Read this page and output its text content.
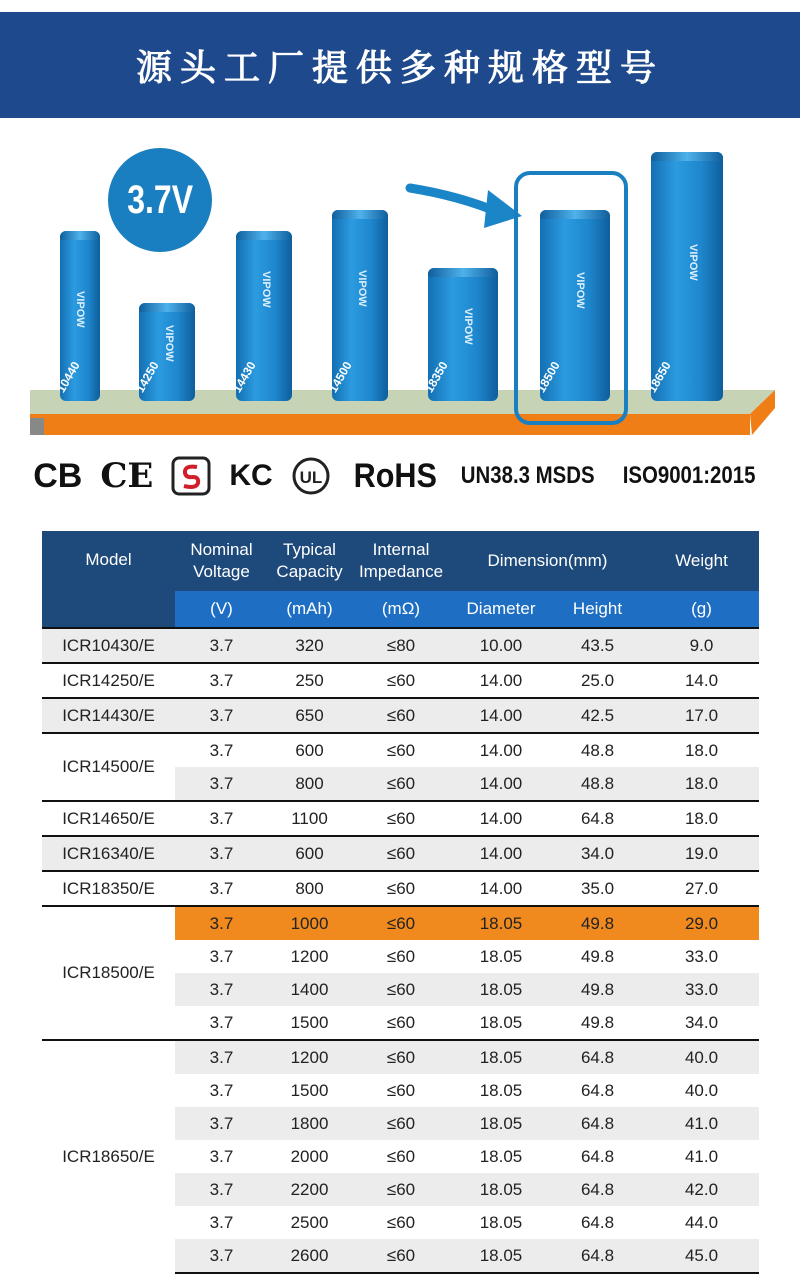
源头工厂提供多种规格型号
3.7V
VIPOW
10440
VIPOW
14250
VIPOW
14430
VIPOW
14500
VIPOW
18350
VIPOW
18500
VIPOW
18650
CB CE	KC UL RoHS UN38.3 MSDS ISO9001:2015
Model	Nominal Voltage	Typical Capacity	Internal Impedance	Dimension(mm)		Weight
	(V)	(mAh)	(mΩ)	Diameter	Height	(g)
ICR10430/E	3.7	320	≤80	10.00	43.5	9.0
ICR14250/E	3.7	250	≤60	14.00	25.0	14.0
ICR14430/E	3.7	650	≤60	14.00	42.5	17.0
ICR14500/E	3.7	600	≤60	14.00	48.8	18.0
	3.7	800	≤60	14.00	48.8	18.0
ICR14650/E	3.7	1100	≤60	14.00	64.8	18.0
ICR16340/E	3.7	600	≤60	14.00	34.0	19.0
ICR18350/E	3.7	800	≤60	14.00	35.0	27.0
ICR18500/E	3.7	1000	≤60	18.05	49.8	29.0
	3.7	1200	≤60	18.05	49.8	33.0
	3.7	1400	≤60	18.05	49.8	33.0
	3.7	1500	≤60	18.05	49.8	34.0
ICR18650/E	3.7	1200	≤60	18.05	64.8	40.0
	3.7	1500	≤60	18.05	64.8	40.0
	3.7	1800	≤60	18.05	64.8	41.0
	3.7	2000	≤60	18.05	64.8	41.0
	3.7	2200	≤60	18.05	64.8	42.0
	3.7	2500	≤60	18.05	64.8	44.0
	3.7	2600	≤60	18.05	64.8	45.0
